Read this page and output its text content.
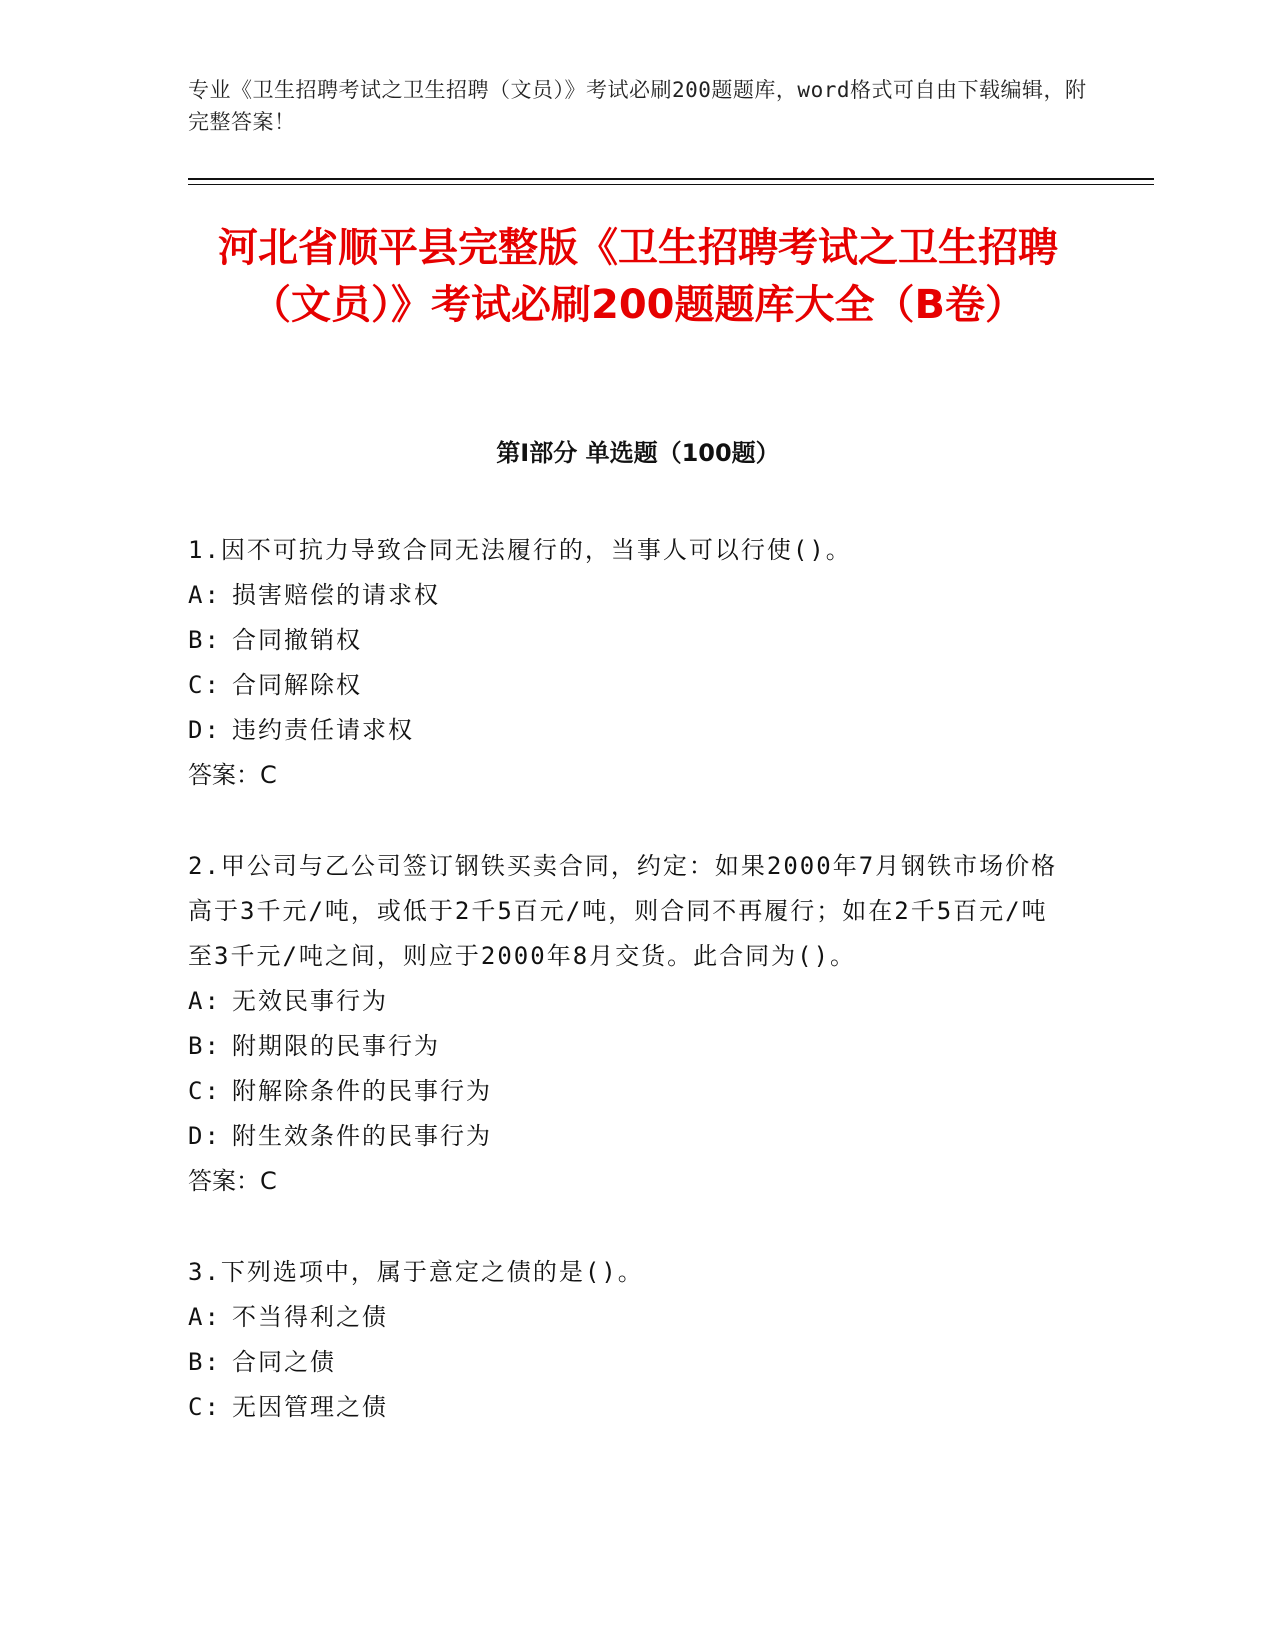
专业《卫生招聘考试之卫生招聘（文员）》考试必刷200题题库，word格式可自由下载编辑，附完整答案！
河北省顺平县完整版《卫生招聘考试之卫生招聘（文员）》考试必刷200题题库大全（B卷）
第Ⅰ部分 单选题（100题）
1.因不可抗力导致合同无法履行的，当事人可以行使()。
A: 损害赔偿的请求权
B: 合同撤销权
C: 合同解除权
D: 违约责任请求权
答案：C
2.甲公司与乙公司签订钢铁买卖合同，约定：如果2000年7月钢铁市场价格高于3千元/吨，或低于2千5百元/吨，则合同不再履行；如在2千5百元/吨至3千元/吨之间，则应于2000年8月交货。此合同为()。
A: 无效民事行为
B: 附期限的民事行为
C: 附解除条件的民事行为
D: 附生效条件的民事行为
答案：C
3.下列选项中，属于意定之债的是()。
A: 不当得利之债
B: 合同之债
C: 无因管理之债
